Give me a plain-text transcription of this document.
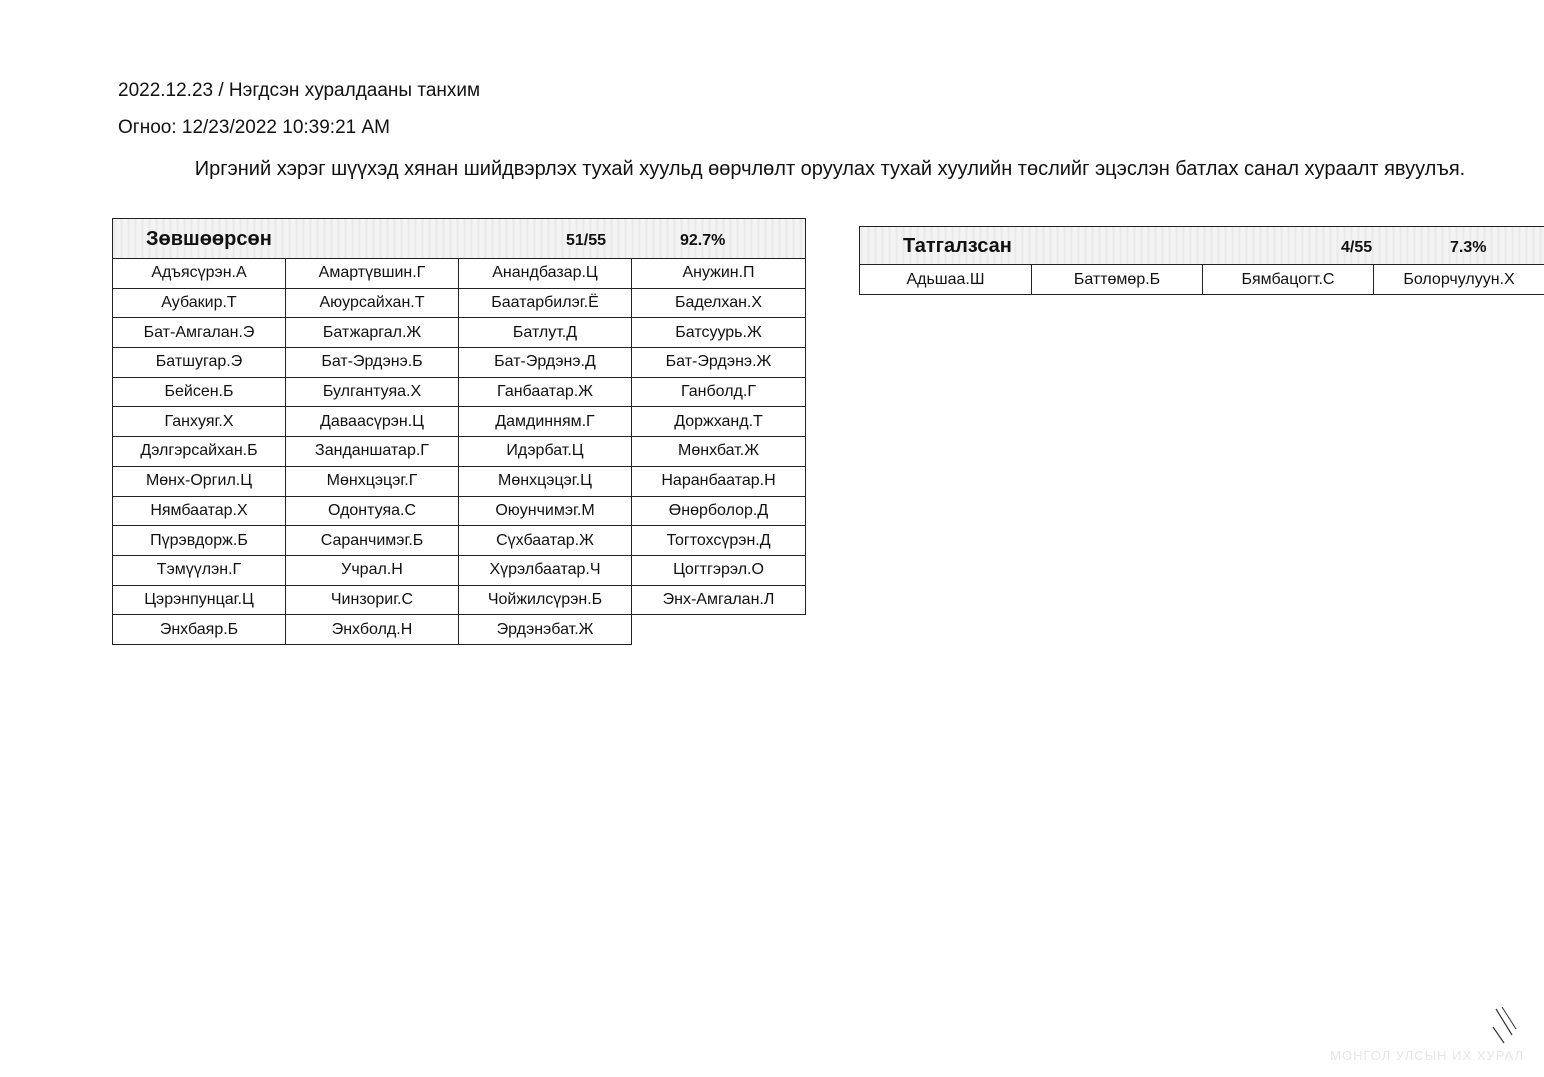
2022.12.23 / Нэгдсэн хуралдааны танхим
Огноо: 12/23/2022 10:39:21 AM
Иргэний хэрэг шүүхэд хянан шийдвэрлэх тухай хуульд өөрчлөлт оруулах тухай хуулийн төслийг эцэслэн батлах санал хураалт явуулъя.
Зөвшөөрсөн 51/55 92.7%			

Адъясүрэн.А	Амартүвшин.Г	Анандбазар.Ц	Анужин.П
Аубакир.Т	Аюурсайхан.Т	Баатарбилэг.Ё	Баделхан.Х
Бат-Амгалан.Э	Батжаргал.Ж	Батлут.Д	Батсуурь.Ж
Батшугар.Э	Бат-Эрдэнэ.Б	Бат-Эрдэнэ.Д	Бат-Эрдэнэ.Ж
Бейсен.Б	Булгантуяа.Х	Ганбаатар.Ж	Ганболд.Г
Ганхуяг.Х	Даваасүрэн.Ц	Дамдинням.Г	Доржханд.Т
Дэлгэрсайхан.Б	Занданшатар.Г	Идэрбат.Ц	Мөнхбат.Ж
Мөнх-Оргил.Ц	Мөнхцэцэг.Г	Мөнхцэцэг.Ц	Наранбаатар.Н
Нямбаатар.Х	Одонтуяа.С	Оюунчимэг.М	Өнөрболор.Д
Пүрэвдорж.Б	Саранчимэг.Б	Сүхбаатар.Ж	Тогтохсүрэн.Д
Тэмүүлэн.Г	Учрал.Н	Хүрэлбаатар.Ч	Цогтгэрэл.О
Цэрэнпунцаг.Ц	Чинзориг.С	Чойжилсүрэн.Б	Энх-Амгалан.Л
Энхбаяр.Б	Энхболд.Н	Эрдэнэбат.Ж	
Татгалзсан	4/55	7.3%

Адьшаа.Ш	Баттөмөр.Б	Бямбацогт.С	Болорчулуун.Х
МОНГОЛ УЛСЫН ИХ ХУРАЛ
